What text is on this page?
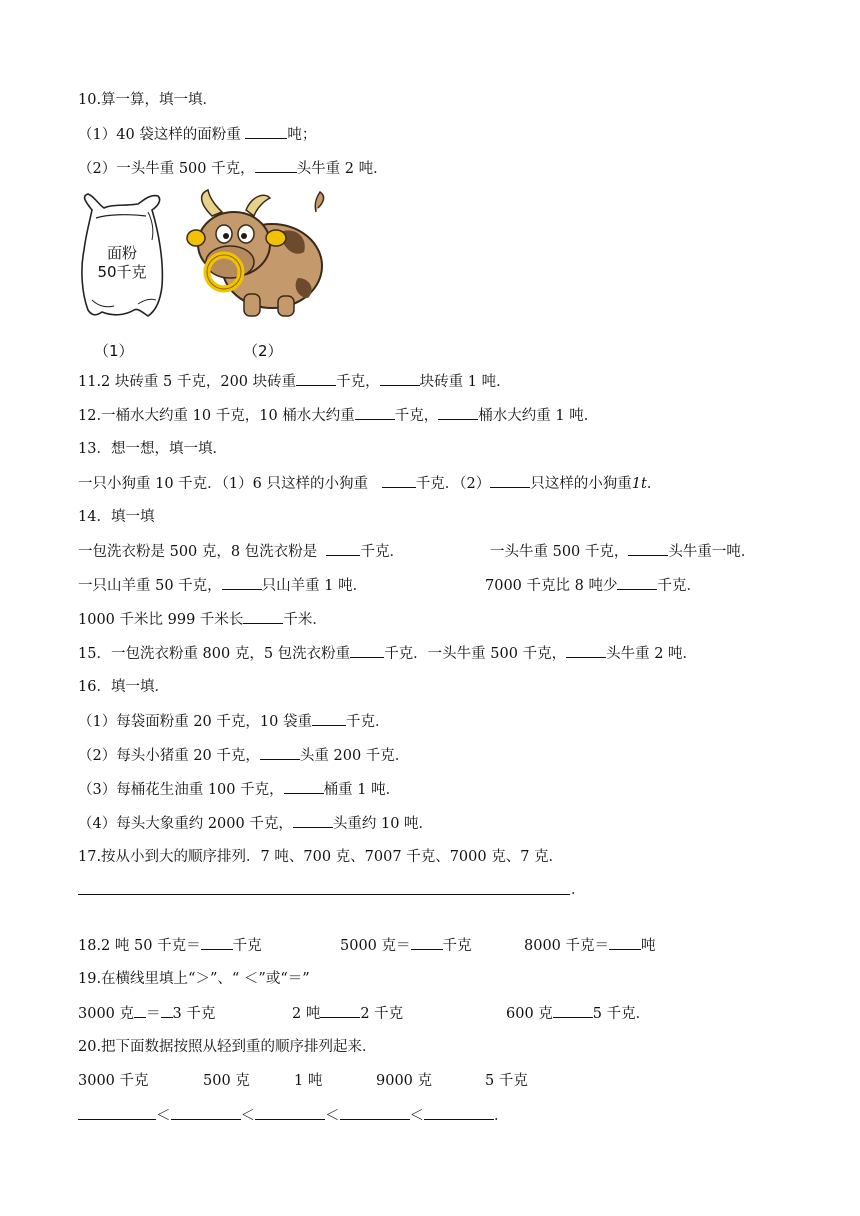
10.算一算，填一填．
（1）40 袋这样的面粉重	吨；
（2）一头牛重 500 千克，	头牛重 2 吨．
面粉
50千克
（1）	（2）
11.2 块砖重 5 千克，200 块砖重	千克，	块砖重 1 吨．
12.一桶水大约重 10 千克，10 桶水大约重	千克，	桶水大约重 1 吨．
13．想一想，填一填．
一只小狗重 10 千克．（1）6 只这样的小狗重	千克．（2）	只这样的小狗重1t．
14．填一填
一包洗衣粉是 500 克，8 包洗衣粉是	千克．	一头牛重 500 千克，	头牛重一吨．
一只山羊重 50 千克，	只山羊重 1 吨．	7000 千克比 8 吨少	千克．
1000 千米比 999 千米长	千米．
15．一包洗衣粉重 800 克，5 包洗衣粉重 千克．一头牛重 500 千克，	头牛重 2 吨．
16．填一填．
（1）每袋面粉重 20 千克，10 袋重 千克．
（2）每头小猪重 20 千克，	头重 200 千克．
（3）每桶花生油重 100 千克，	桶重 1 吨．
（4）每头大象重约 2000 千克，	头重约 10 吨．
17.按从小到大的顺序排列．7 吨、700 克、7007 千克、7000 克、7 克．
．
18.2 吨 50 千克＝ 千克	5000 克＝ 千克	8000 千克＝ 吨
19.在横线里填上“＞”、“ ＜”或“＝”
3000 克 ＝ 3 千克	2 吨	2 千克	600 克	5 千克．
20.把下面数据按照从轻到重的顺序排列起来．
3000 千克	500 克	1 吨	9000 克	5 千克
＜	＜	＜	＜	．
